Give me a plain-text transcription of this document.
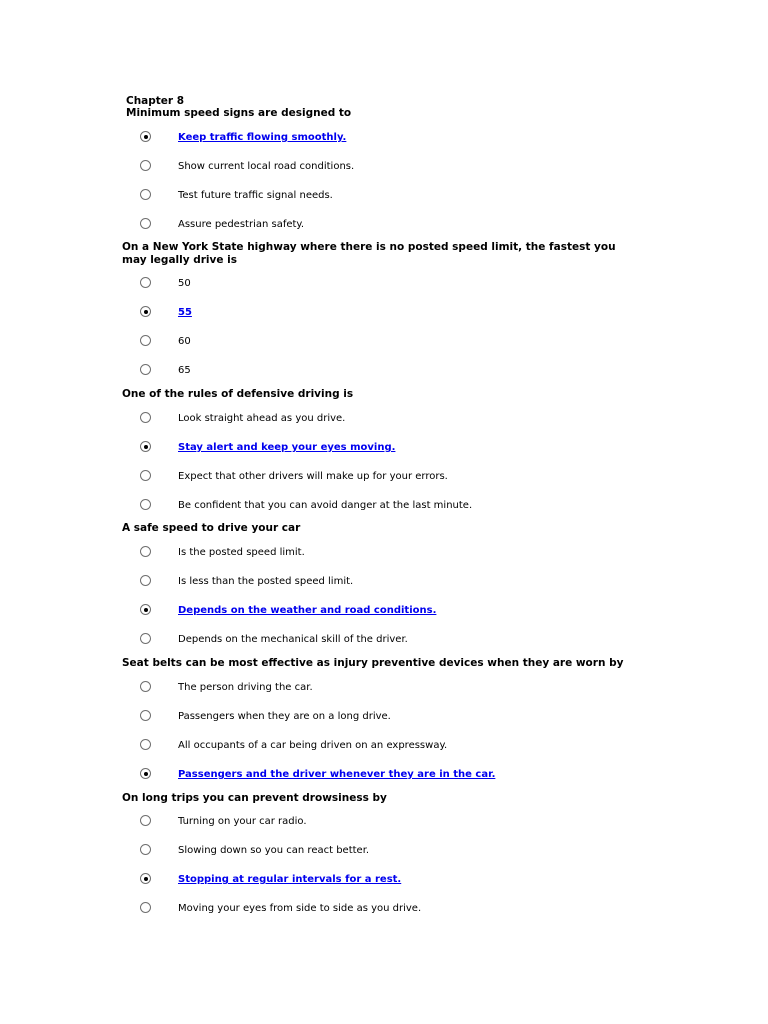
Chapter 8
Minimum speed signs are designed to
Keep traffic flowing smoothly.
Show current local road conditions.
Test future traffic signal needs.
Assure pedestrian safety.
On a New York State highway where there is no posted speed limit, the fastest you may legally drive is
50
55
60
65
One of the rules of defensive driving is
Look straight ahead as you drive.
Stay alert and keep your eyes moving.
Expect that other drivers will make up for your errors.
Be confident that you can avoid danger at the last minute.
A safe speed to drive your car
Is the posted speed limit.
Is less than the posted speed limit.
Depends on the weather and road conditions.
Depends on the mechanical skill of the driver.
Seat belts can be most effective as injury preventive devices when they are worn by
The person driving the car.
Passengers when they are on a long drive.
All occupants of a car being driven on an expressway.
Passengers and the driver whenever they are in the car.
On long trips you can prevent drowsiness by
Turning on your car radio.
Slowing down so you can react better.
Stopping at regular intervals for a rest.
Moving your eyes from side to side as you drive.
